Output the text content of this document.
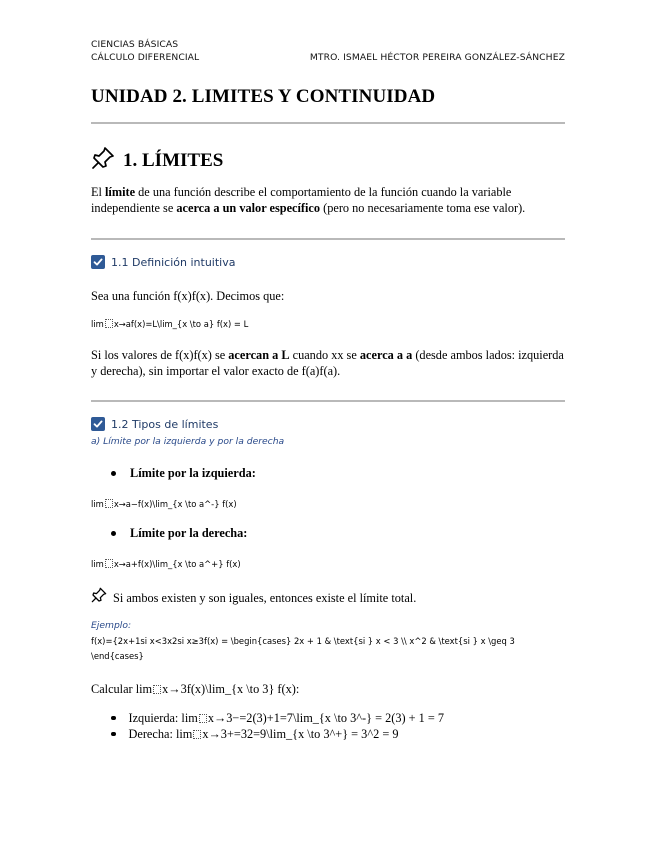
CIENCIAS BÁSICAS
CÁLCULO DIFERENCIAL	MTRO. ISMAEL HÉCTOR PEREIRA GONZÁLEZ-SÁNCHEZ
UNIDAD 2. LIMITES Y CONTINUIDAD
1. LÍMITES

El límite de una función describe el comportamiento de la función cuando la variable independiente se acerca a un valor específico (pero no necesariamente toma ese valor).

1.1 Definición intuitiva

Sea una función f(x)f(x). Decimos que:

lim x→af(x)=L\lim_{x \to a} f(x) = L

Si los valores de f(x)f(x) se acercan a L cuando xx se acerca a a (desde ambos lados: izquierda y derecha), sin importar el valor exacto de f(a)f(a).

1.2 Tipos de límites
a) Límite por la izquierda y por la derecha
Límite por la izquierda:
lim x→a−f(x)\lim_{x \to a^-} f(x)
Límite por la derecha:
lim x→a+f(x)\lim_{x \to a^+} f(x)
Si ambos existen y son iguales, entonces existe el límite total.
Ejemplo:
f(x)={2x+1si x<3x2si x≥3f(x) = \begin{cases} 2x + 1 & \text{si } x < 3 \\ x^2 & \text{si } x \geq 3
\end{cases}
Calcular lim x→3f(x)\lim_{x \to 3} f(x):
Izquierda: lim x→3−=2(3)+1=7\lim_{x \to 3^-} = 2(3) + 1 = 7
Derecha: lim x→3+=32=9\lim_{x \to 3^+} = 3^2 = 9
